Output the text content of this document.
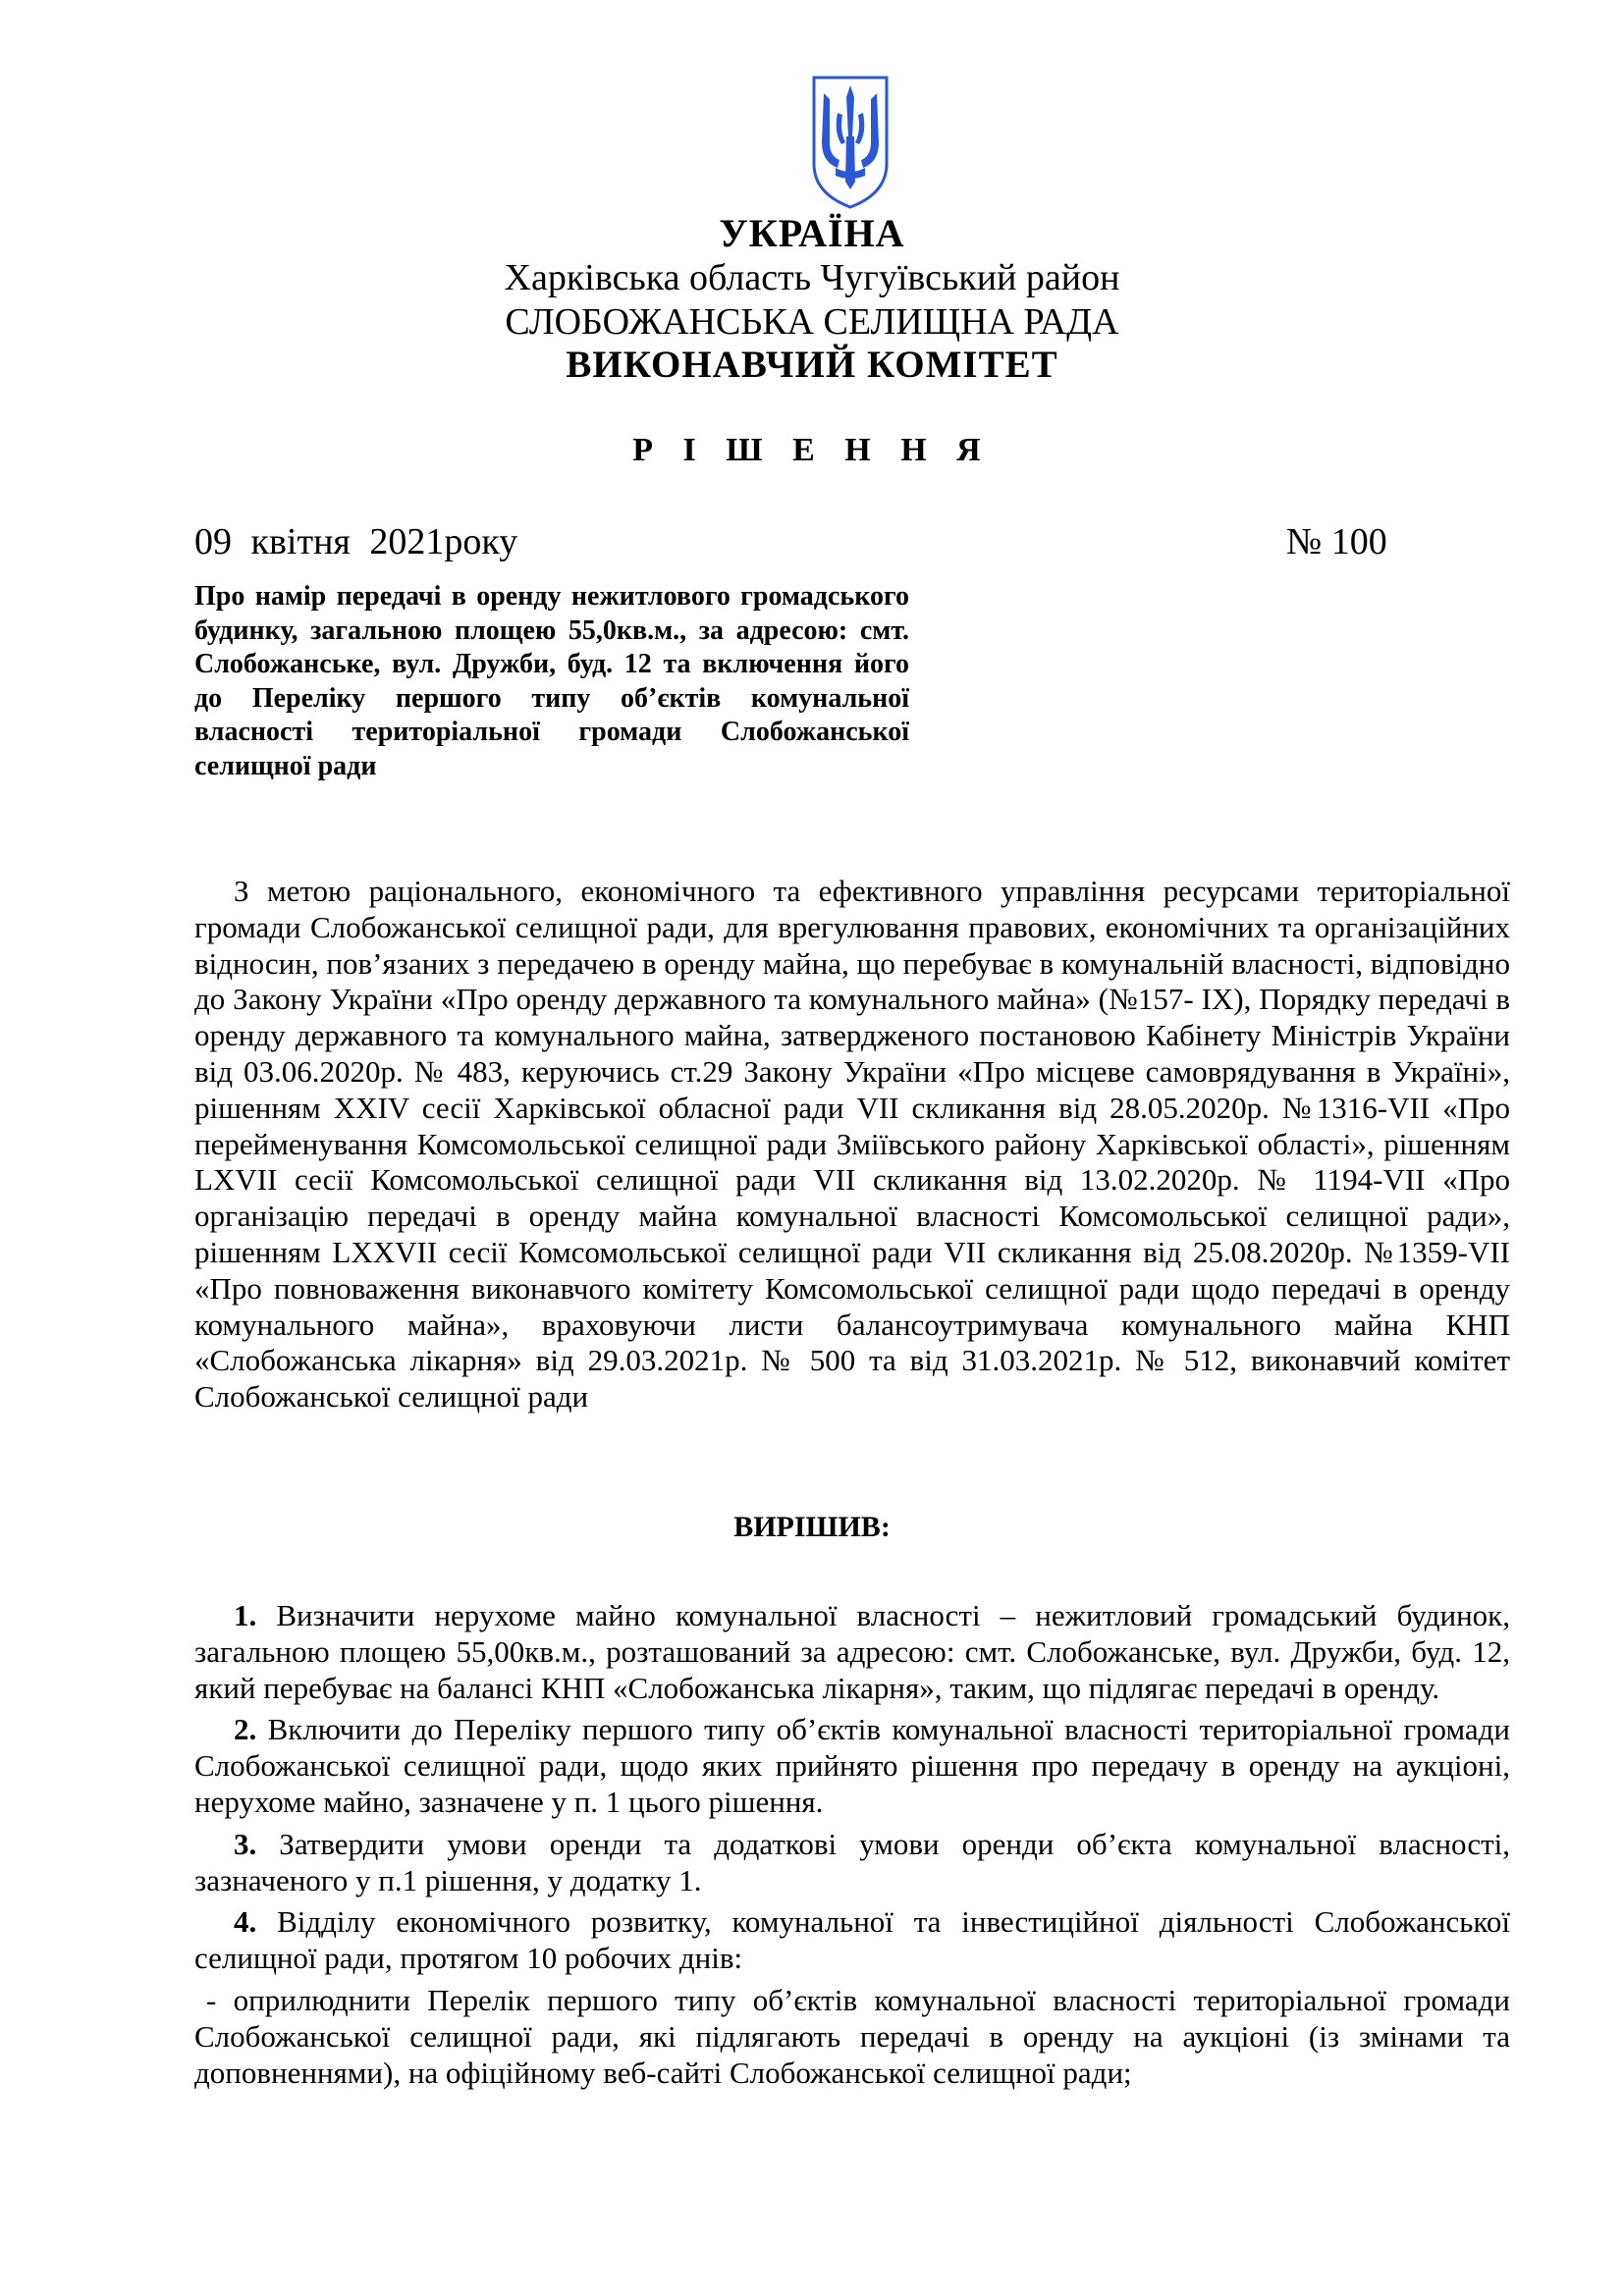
УКРАЇНА
Харківська область Чугуївський район
СЛОБОЖАНСЬКА СЕЛИЩНА РАДА
ВИКОНАВЧИЙ КОМІТЕТ
Р І Ш Е Н Н Я
09 квітня 2021року	№ 100

Про намір передачі в оренду нежитлового громадського будинку, загальною площею 55,0кв.м., за адресою: смт. Слобожанське, вул. Дружби, буд. 12 та включення його до Переліку першого типу об’єктів комунальної власності територіальної громади Слобожанської селищної ради

З метою раціонального, економічного та ефективного управління ресурсами територіальної громади Слобожанської селищної ради, для врегулювання правових, економічних та організаційних відносин, пов’язаних з передачею в оренду майна, що перебуває в комунальній власності, відповідно до Закону України «Про оренду державного та комунального майна» (№157- IX), Порядку передачі в оренду державного та комунального майна, затвердженого постановою Кабінету Міністрів України від 03.06.2020р. № 483, керуючись ст.29 Закону України «Про місцеве самоврядування в Україні», рішенням XXIV сесії Харківської обласної ради VII скликання від 28.05.2020р. №1316-VII «Про перейменування Комсомольської селищної ради Зміївського району Харківської області», рішенням LXVII сесії Комсомольської селищної ради VII скликання від 13.02.2020р. № 1194-VII «Про організацію передачі в оренду майна комунальної власності Комсомольської селищної ради», рішенням LXXVII сесії Комсомольської селищної ради VII скликання від 25.08.2020р. №1359-VII «Про повноваження виконавчого комітету Комсомольської селищної ради щодо передачі в оренду комунального майна», враховуючи листи балансоутримувача комунального майна КНП «Слобожанська лікарня» від 29.03.2021р. № 500 та від 31.03.2021р. № 512, виконавчий комітет Слобожанської селищної ради

ВИРІШИВ:

1. Визначити нерухоме майно комунальної власності – нежитловий громадський будинок, загальною площею 55,00кв.м., розташований за адресою: смт. Слобожанське, вул. Дружби, буд. 12, який перебуває на балансі КНП «Слобожанська лікарня», таким, що підлягає передачі в оренду.

2. Включити до Переліку першого типу об’єктів комунальної власності територіальної громади Слобожанської селищної ради, щодо яких прийнято рішення про передачу в оренду на аукціоні, нерухоме майно, зазначене у п. 1 цього рішення.

3. Затвердити умови оренди та додаткові умови оренди об’єкта комунальної власності, зазначеного у п.1 рішення, у додатку 1.

4. Відділу економічного розвитку, комунальної та інвестиційної діяльності Слобожанської селищної ради, протягом 10 робочих днів:

- оприлюднити Перелік першого типу об’єктів комунальної власності територіальної громади Слобожанської селищної ради, які підлягають передачі в оренду на аукціоні (із змінами та доповненнями), на офіційному веб-сайті Слобожанської селищної ради;
